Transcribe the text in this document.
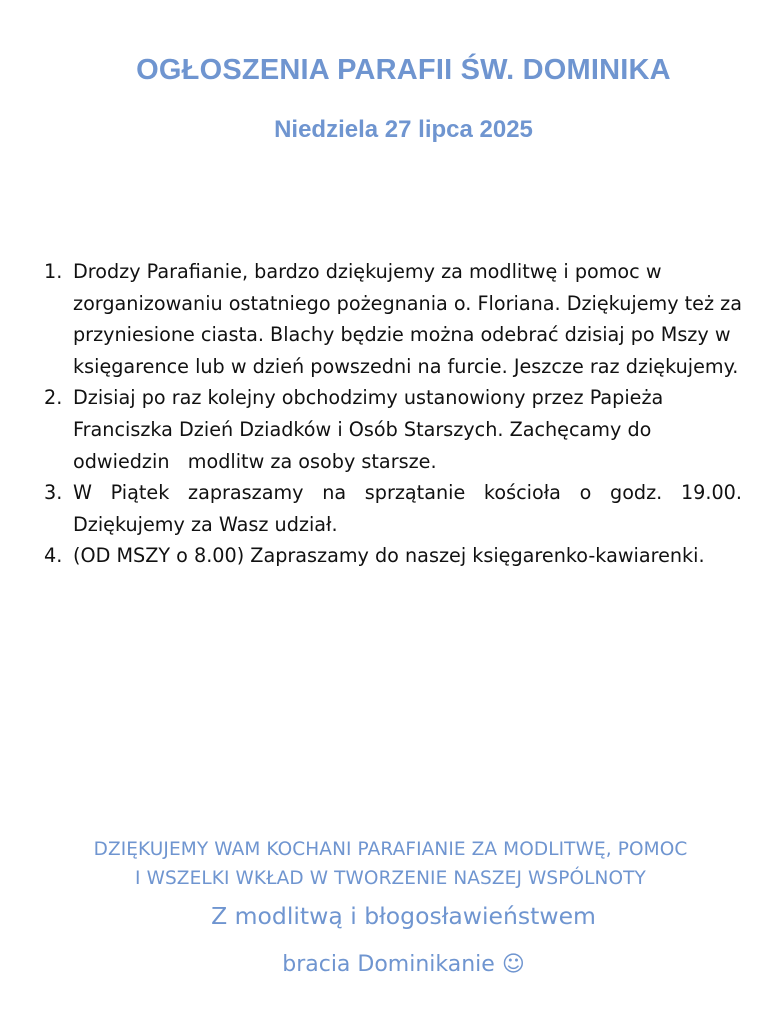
OGŁOSZENIA PARAFII ŚW. DOMINIKA
Niedziela 27 lipca 2025
1. Drodzy Parafianie, bardzo dziękujemy za modlitwę i pomoc w zorganizowaniu ostatniego pożegnania o. Floriana. Dziękujemy też za przyniesione ciasta. Blachy będzie można odebrać dzisiaj po Mszy w księgarence lub w dzień powszedni na furcie. Jeszcze raz dziękujemy.
2. Dzisiaj po raz kolejny obchodzimy ustanowiony przez Papieża Franciszka Dzień Dziadków i Osób Starszych. Zachęcamy do odwiedzin   modlitw za osoby starsze.
3. W Piątek zapraszamy na sprzątanie kościoła o godz. 19.00. Dziękujemy za Wasz udział.
4. (OD MSZY o 8.00) Zapraszamy do naszej księgarenko-kawiarenki.
DZIĘKUJEMY WAM KOCHANI PARAFIANIE ZA MODLITWĘ, POMOC
I WSZELKI WKŁAD W TWORZENIE NASZEJ WSPÓLNOTY
Z modlitwą i błogosławieństwem
bracia Dominikanie ☺
